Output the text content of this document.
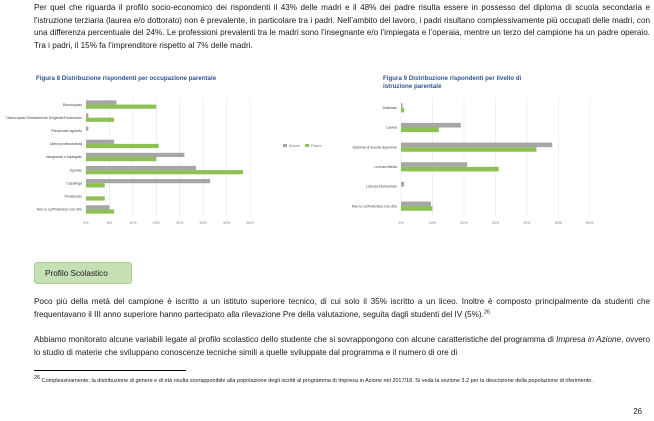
Per quel che riguarda il profilo socio-economico dei rispondenti il 43% delle madri e il 48% dei padre risulta essere in possesso del diploma di scuola secondaria e l’istruzione terziaria (laurea e/o dottorato) non è prevalente, in particolare tra i padri. Nell’ambito del lavoro, i padri risultano complessivamente più occupati delle madri, con una differenza percentuale del 24%. Le professioni prevalenti tra le madri sono l’insegnante e/o l’impiegata e l’operaia, mentre un terzo del campione ha un padre operaio. Tra i padri, il 15% fa l’imprenditore rispetto al 7% delle madri.

Figura 8 Distribuzione rispondenti per occupazione parentale	Figura 9 Distribuzione rispondenti per livello di istruzione parentale
0%	5%	10%	15%	20%	25%	30%	35%
Disoccupato
Disoccupato Orientamento Dirigente/Funzionario
Pensionato agricolo
Libera professionista
Insegnante o impiegato
Operaio
Casalinga
Pensionato
Non lo so/Preferisco non dire
Madre	Padre
0%	10%	20%	30%	40%	50%	60%
Dottorato
Laurea
Diploma di Scuola Superiore
Licenza Media
Licenza Elementare
Non lo so/Preferisco non dire
Profilo Scolastico

Poco più della metà del campione è iscritto a un istituto superiore tecnico, di cui solo il 35% iscritto a un liceo. Inoltre è composto principalmente da studenti che frequentavano il III anno superiore hanno partecipato alla rilevazione Pre della valutazione, seguita dagli studenti del IV (5%).$^{26}$

Abbiamo monitorato alcune variabili legate al profilo scolastico dello studente che si sovrappongono con alcune caratteristiche del programma di Impresa in Azione, ovvero lo studio di materie che sviluppano conoscenze tecniche simili a quelle sviluppate dal programma e il numero di ore di

26 Complessivamente, la distribuzione di genere e di età risulta sovrapponibile alla popolazione degli iscritti al programma di Impresa in Azione nel 2017/18. Si veda la sezione 3.2 per la descrizione della popolazione di riferimento.

26
